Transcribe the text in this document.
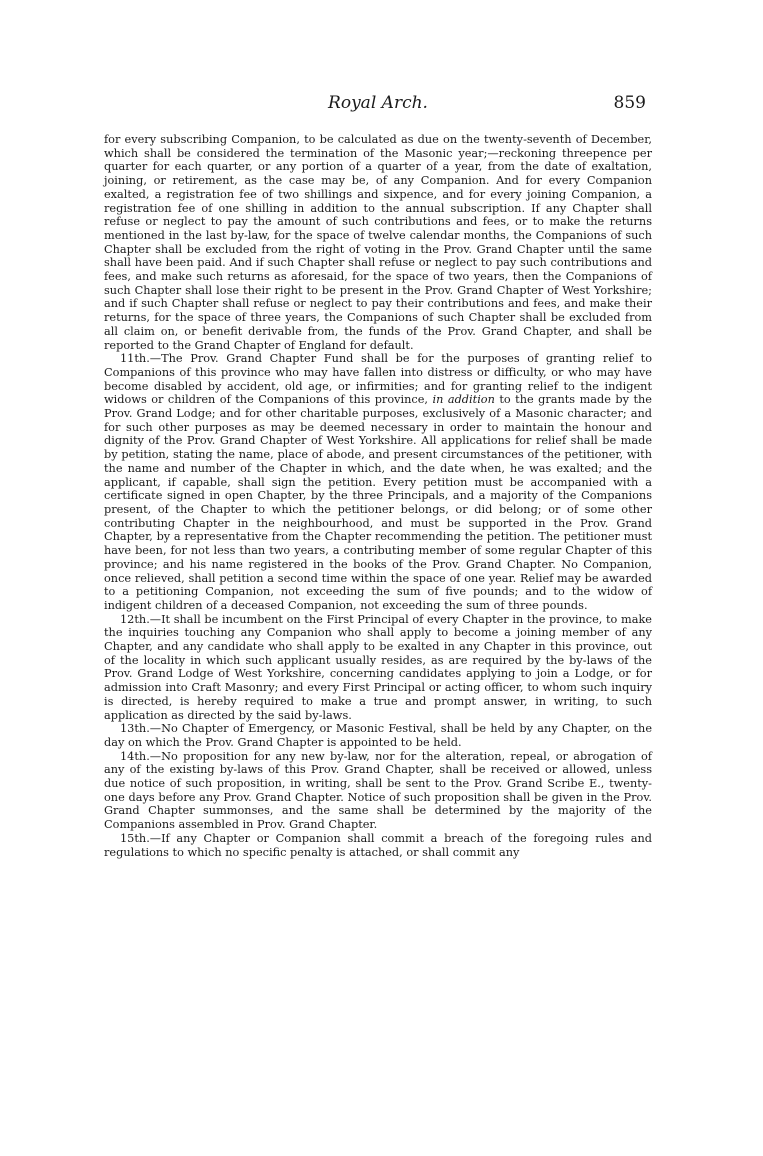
Royal Arch.	859

for every subscribing Companion, to be calculated as due on the twenty-seventh of December, which shall be considered the termination of the Masonic year;—reckoning threepence per quarter for each quarter, or any portion of a quarter of a year, from the date of exaltation, joining, or retirement, as the case may be, of any Companion. And for every Companion exalted, a registration fee of two shillings and sixpence, and for every joining Companion, a registration fee of one shilling in addition to the annual subscription. If any Chapter shall refuse or neglect to pay the amount of such contributions and fees, or to make the returns mentioned in the last by-law, for the space of twelve calendar months, the Companions of such Chapter shall be excluded from the right of voting in the Prov. Grand Chapter until the same shall have been paid. And if such Chapter shall refuse or neglect to pay such contributions and fees, and make such returns as aforesaid, for the space of two years, then the Companions of such Chapter shall lose their right to be present in the Prov. Grand Chapter of West Yorkshire; and if such Chapter shall refuse or neglect to pay their contributions and fees, and make their returns, for the space of three years, the Companions of such Chapter shall be excluded from all claim on, or benefit derivable from, the funds of the Prov. Grand Chapter, and shall be reported to the Grand Chapter of England for default.

11th.—The Prov. Grand Chapter Fund shall be for the purposes of granting relief to Companions of this province who may have fallen into distress or difficulty, or who may have become disabled by accident, old age, or infirmities; and for granting relief to the indigent widows or children of the Companions of this province, in addition to the grants made by the Prov. Grand Lodge; and for other charitable purposes, exclusively of a Masonic character; and for such other purposes as may be deemed necessary in order to maintain the honour and dignity of the Prov. Grand Chapter of West Yorkshire. All applications for relief shall be made by petition, stating the name, place of abode, and present circumstances of the petitioner, with the name and number of the Chapter in which, and the date when, he was exalted; and the applicant, if capable, shall sign the petition. Every petition must be accompanied with a certificate signed in open Chapter, by the three Principals, and a majority of the Companions present, of the Chapter to which the petitioner belongs, or did belong; or of some other contributing Chapter in the neighbourhood, and must be supported in the Prov. Grand Chapter, by a representative from the Chapter recommending the petition. The petitioner must have been, for not less than two years, a contributing member of some regular Chapter of this province; and his name registered in the books of the Prov. Grand Chapter. No Companion, once relieved, shall petition a second time within the space of one year. Relief may be awarded to a petitioning Companion, not exceeding the sum of five pounds; and to the widow of indigent children of a deceased Companion, not exceeding the sum of three pounds.

12th.—It shall be incumbent on the First Principal of every Chapter in the province, to make the inquiries touching any Companion who shall apply to become a joining member of any Chapter, and any candidate who shall apply to be exalted in any Chapter in this province, out of the locality in which such applicant usually resides, as are required by the by-laws of the Prov. Grand Lodge of West Yorkshire, concerning candidates applying to join a Lodge, or for admission into Craft Masonry; and every First Principal or acting officer, to whom such inquiry is directed, is hereby required to make a true and prompt answer, in writing, to such application as directed by the said by-laws.

13th.—No Chapter of Emergency, or Masonic Festival, shall be held by any Chapter, on the day on which the Prov. Grand Chapter is appointed to be held.

14th.—No proposition for any new by-law, nor for the alteration, repeal, or abrogation of any of the existing by-laws of this Prov. Grand Chapter, shall be received or allowed, unless due notice of such proposition, in writing, shall be sent to the Prov. Grand Scribe E., twenty-one days before any Prov. Grand Chapter. Notice of such proposition shall be given in the Prov. Grand Chapter summonses, and the same shall be determined by the majority of the Companions assembled in Prov. Grand Chapter.

15th.—If any Chapter or Companion shall commit a breach of the foregoing rules and regulations to which no specific penalty is attached, or shall commit any
